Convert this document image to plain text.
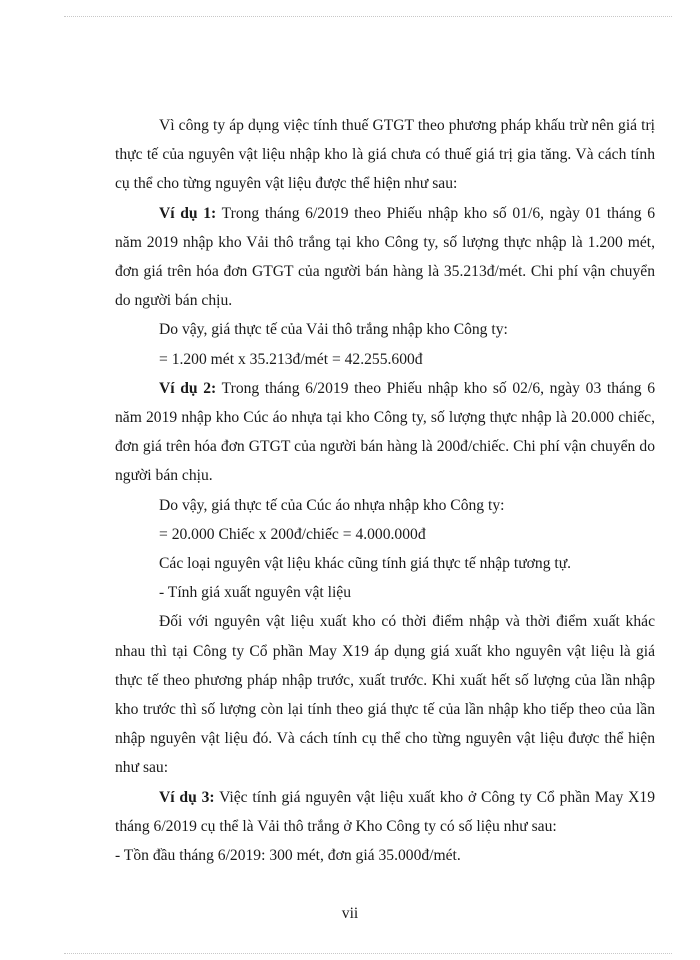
Vì công ty áp dụng việc tính thuế GTGT theo phương pháp khấu trừ nên giá trị thực tế của nguyên vật liệu nhập kho là giá chưa có thuế giá trị gia tăng. Và cách tính cụ thể cho từng nguyên vật liệu được thể hiện như sau:

Ví dụ 1: Trong tháng 6/2019 theo Phiếu nhập kho số 01/6, ngày 01 tháng 6 năm 2019 nhập kho Vải thô trắng tại kho Công ty, số lượng thực nhập là 1.200 mét, đơn giá trên hóa đơn GTGT của người bán hàng là 35.213đ/mét. Chi phí vận chuyển do người bán chịu.

Do vậy, giá thực tế của Vải thô trắng nhập kho Công ty:

= 1.200 mét x 35.213đ/mét = 42.255.600đ

Ví dụ 2: Trong tháng 6/2019 theo Phiếu nhập kho số 02/6, ngày 03 tháng 6 năm 2019 nhập kho Cúc áo nhựa tại kho Công ty, số lượng thực nhập là 20.000 chiếc, đơn giá trên hóa đơn GTGT của người bán hàng là 200đ/chiếc. Chi phí vận chuyển do người bán chịu.

Do vậy, giá thực tế của Cúc áo nhựa nhập kho Công ty:

= 20.000 Chiếc x 200đ/chiếc = 4.000.000đ

Các loại nguyên vật liệu khác cũng tính giá thực tế nhập tương tự.

- Tính giá xuất nguyên vật liệu

Đối với nguyên vật liệu xuất kho có thời điểm nhập và thời điểm xuất khác nhau thì tại Công ty Cổ phần May X19 áp dụng giá xuất kho nguyên vật liệu là giá thực tế theo phương pháp nhập trước, xuất trước. Khi xuất hết số lượng của lần nhập kho trước thì số lượng còn lại tính theo giá thực tế của lần nhập kho tiếp theo của lần nhập nguyên vật liệu đó. Và cách tính cụ thể cho từng nguyên vật liệu được thể hiện như sau:

Ví dụ 3: Việc tính giá nguyên vật liệu xuất kho ở Công ty Cổ phần May X19 tháng 6/2019 cụ thể là Vải thô trắng ở Kho Công ty có số liệu như sau:

- Tồn đầu tháng 6/2019: 300 mét, đơn giá 35.000đ/mét.

vii
